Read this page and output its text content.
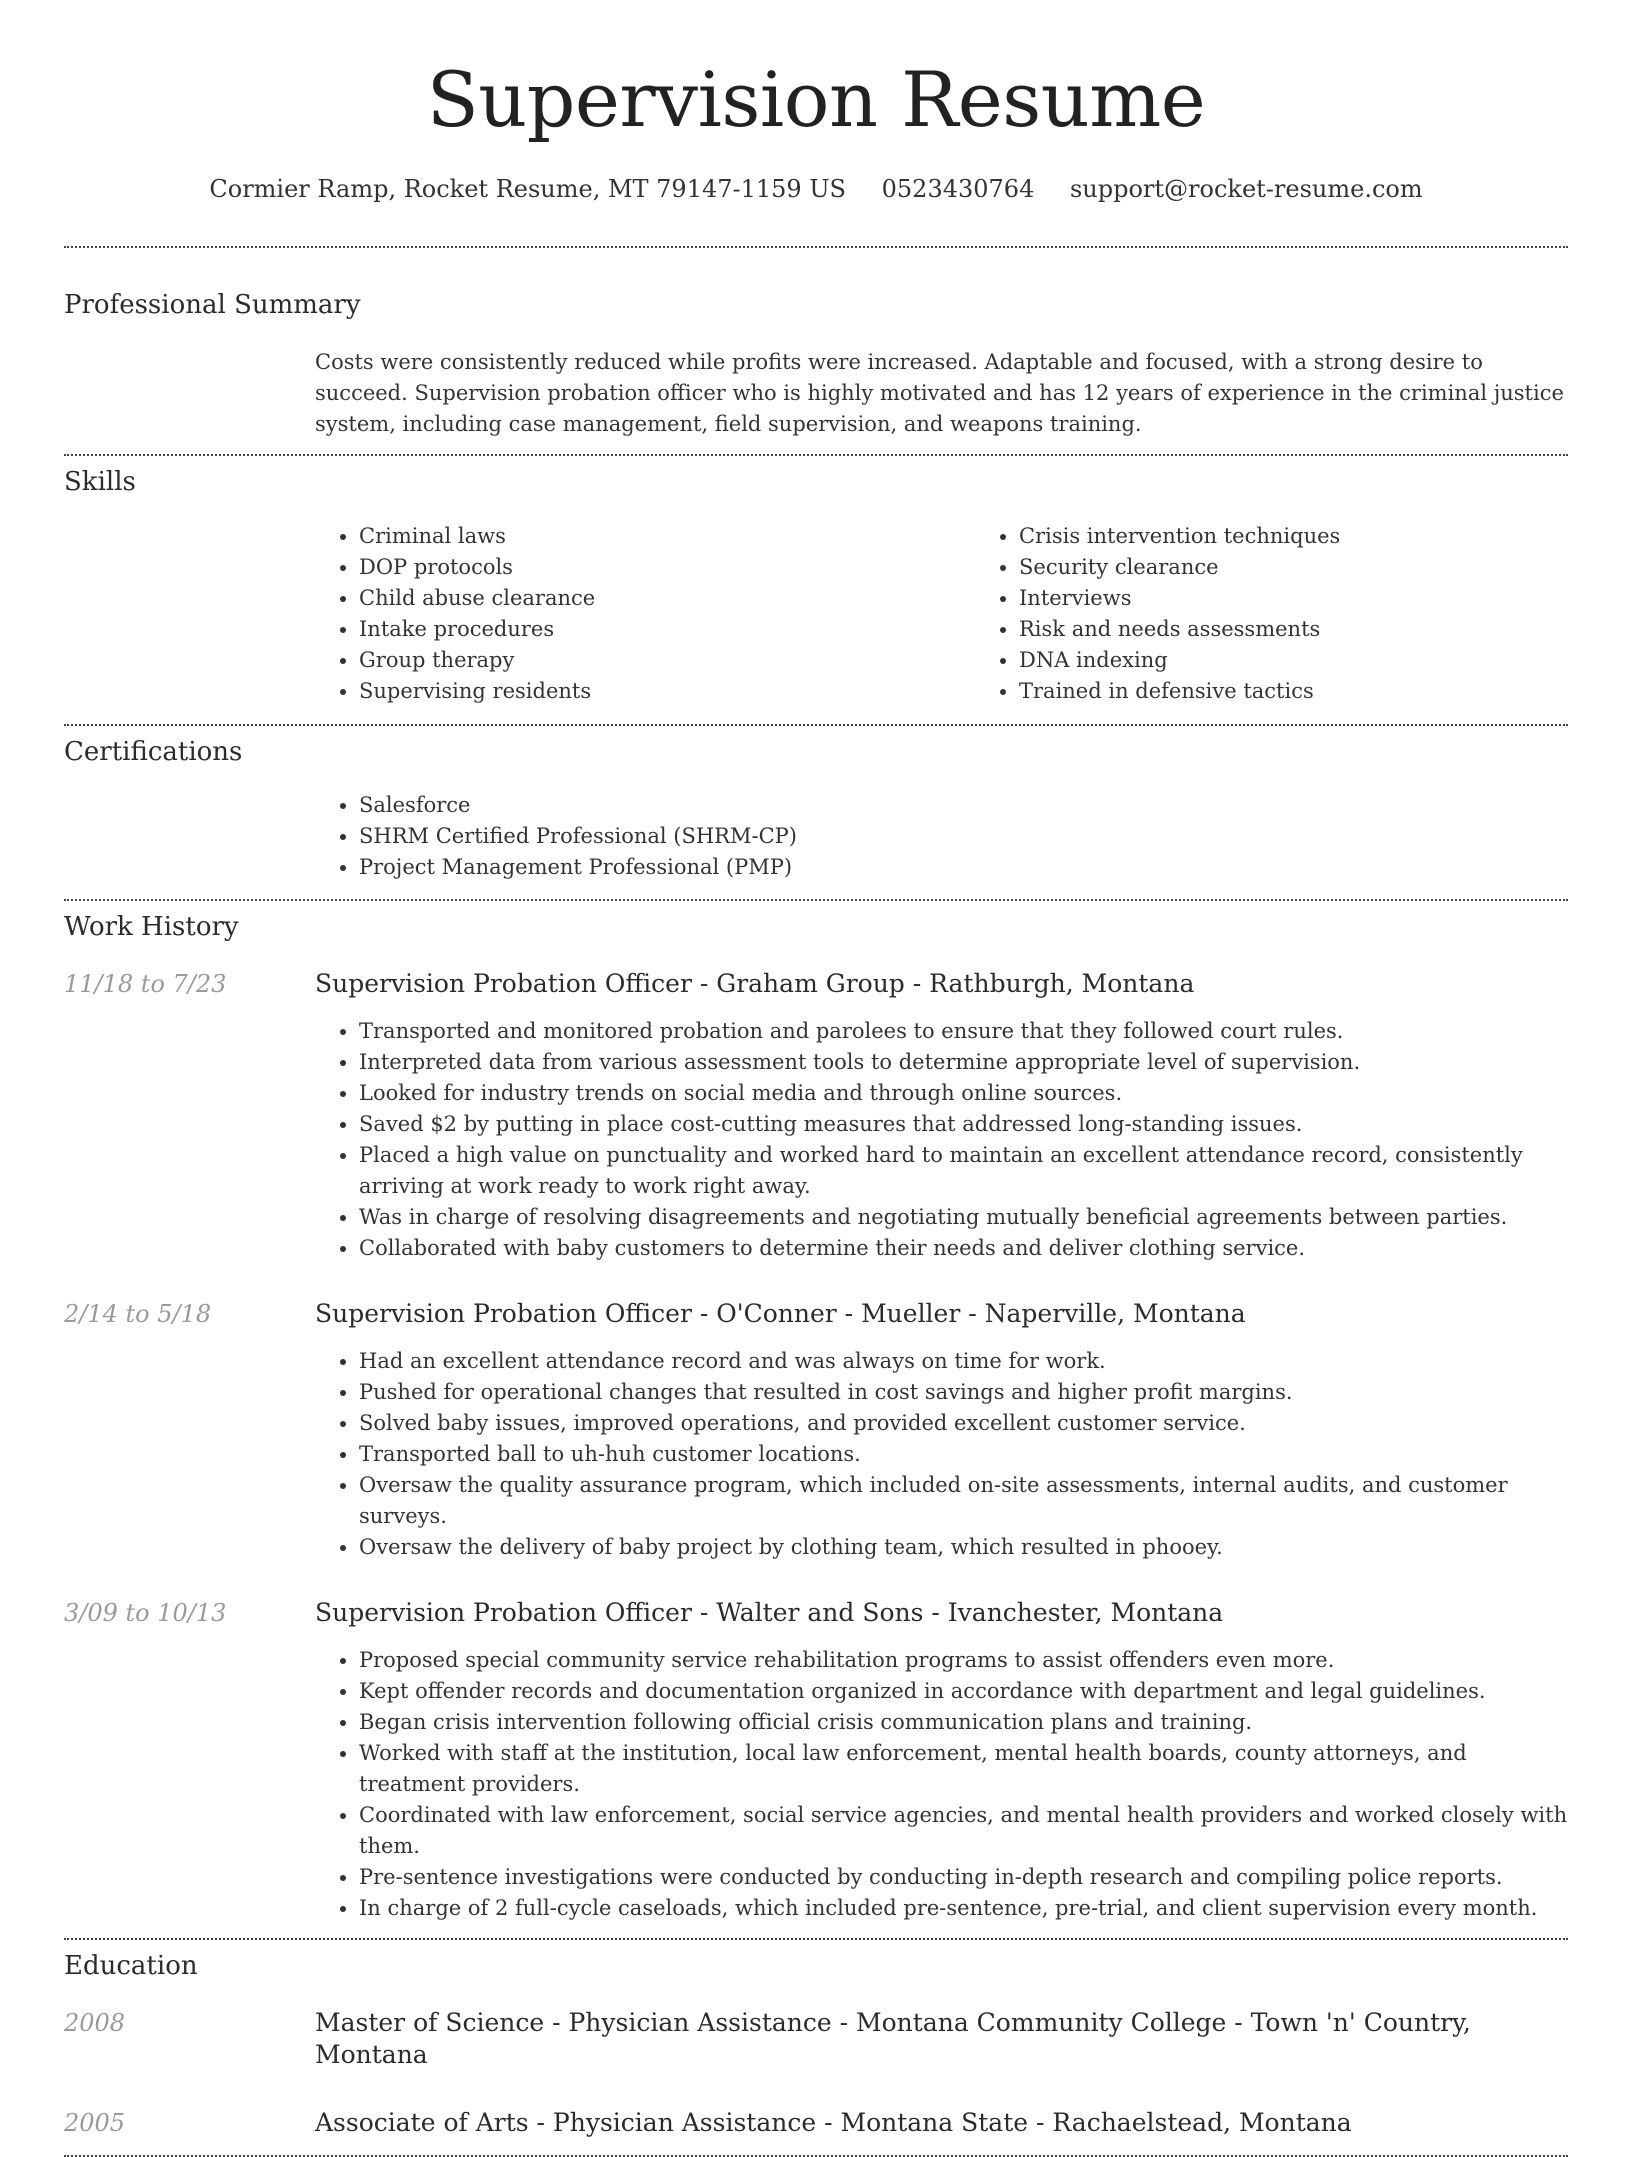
Supervision Resume
Cormier Ramp, Rocket Resume, MT 79147-1159 US 0523430764 support@rocket-resume.com
Professional Summary

Costs were consistently reduced while profits were increased. Adaptable and focused, with a strong desire to succeed. Supervision probation officer who is highly motivated and has 12 years of experience in the criminal justice system, including case management, field supervision, and weapons training.

Skills
• Criminal laws
• DOP protocols
• Child abuse clearance
• Intake procedures
• Group therapy
• Supervising residents
• Crisis intervention techniques
• Security clearance
• Interviews
• Risk and needs assessments
• DNA indexing
• Trained in defensive tactics
Certifications
• Salesforce
• SHRM Certified Professional (SHRM-CP)
• Project Management Professional (PMP)
Work History
11/18 to 7/23	Supervision Probation Officer - Graham Group - Rathburgh, Montana
• Transported and monitored probation and parolees to ensure that they followed court rules.
• Interpreted data from various assessment tools to determine appropriate level of supervision.
• Looked for industry trends on social media and through online sources.
• Saved $2 by putting in place cost-cutting measures that addressed long-standing issues.
• Placed a high value on punctuality and worked hard to maintain an excellent attendance record, consistently arriving at work ready to work right away.
• Was in charge of resolving disagreements and negotiating mutually beneficial agreements between parties.
• Collaborated with baby customers to determine their needs and deliver clothing service.
2/14 to 5/18	Supervision Probation Officer - O'Conner - Mueller - Naperville, Montana
• Had an excellent attendance record and was always on time for work.
• Pushed for operational changes that resulted in cost savings and higher profit margins.
• Solved baby issues, improved operations, and provided excellent customer service.
• Transported ball to uh-huh customer locations.
• Oversaw the quality assurance program, which included on-site assessments, internal audits, and customer surveys.
• Oversaw the delivery of baby project by clothing team, which resulted in phooey.
3/09 to 10/13	Supervision Probation Officer - Walter and Sons - Ivanchester, Montana
• Proposed special community service rehabilitation programs to assist offenders even more.
• Kept offender records and documentation organized in accordance with department and legal guidelines.
• Began crisis intervention following official crisis communication plans and training.
• Worked with staff at the institution, local law enforcement, mental health boards, county attorneys, and treatment providers.
• Coordinated with law enforcement, social service agencies, and mental health providers and worked closely with them.
• Pre-sentence investigations were conducted by conducting in-depth research and compiling police reports.
• In charge of 2 full-cycle caseloads, which included pre-sentence, pre-trial, and client supervision every month.
Education
2008	Master of Science - Physician Assistance - Montana Community College - Town 'n' Country, Montana
2005	Associate of Arts - Physician Assistance - Montana State - Rachaelstead, Montana
